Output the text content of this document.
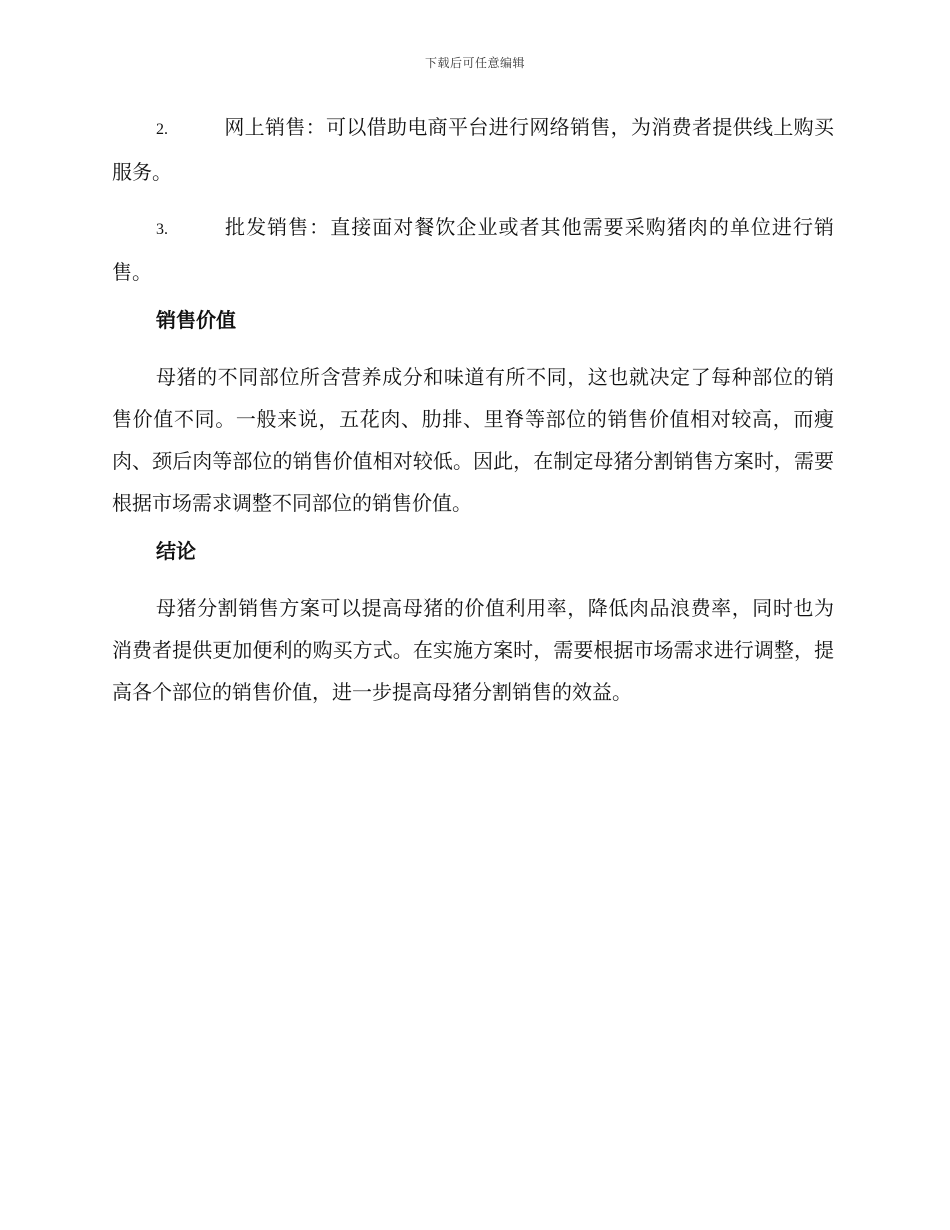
下载后可任意编辑
2.	网上销售：可以借助电商平台进行网络销售，为消费者提供线上购买服务。
3.	批发销售：直接面对餐饮企业或者其他需要采购猪肉的单位进行销售。
销售价值

母猪的不同部位所含营养成分和味道有所不同，这也就决定了每种部位的销售价值不同。一般来说，五花肉、肋排、里脊等部位的销售价值相对较高，而瘦肉、颈后肉等部位的销售价值相对较低。因此，在制定母猪分割销售方案时，需要根据市场需求调整不同部位的销售价值。

结论

母猪分割销售方案可以提高母猪的价值利用率，降低肉品浪费率，同时也为消费者提供更加便利的购买方式。在实施方案时，需要根据市场需求进行调整，提高各个部位的销售价值，进一步提高母猪分割销售的效益。
